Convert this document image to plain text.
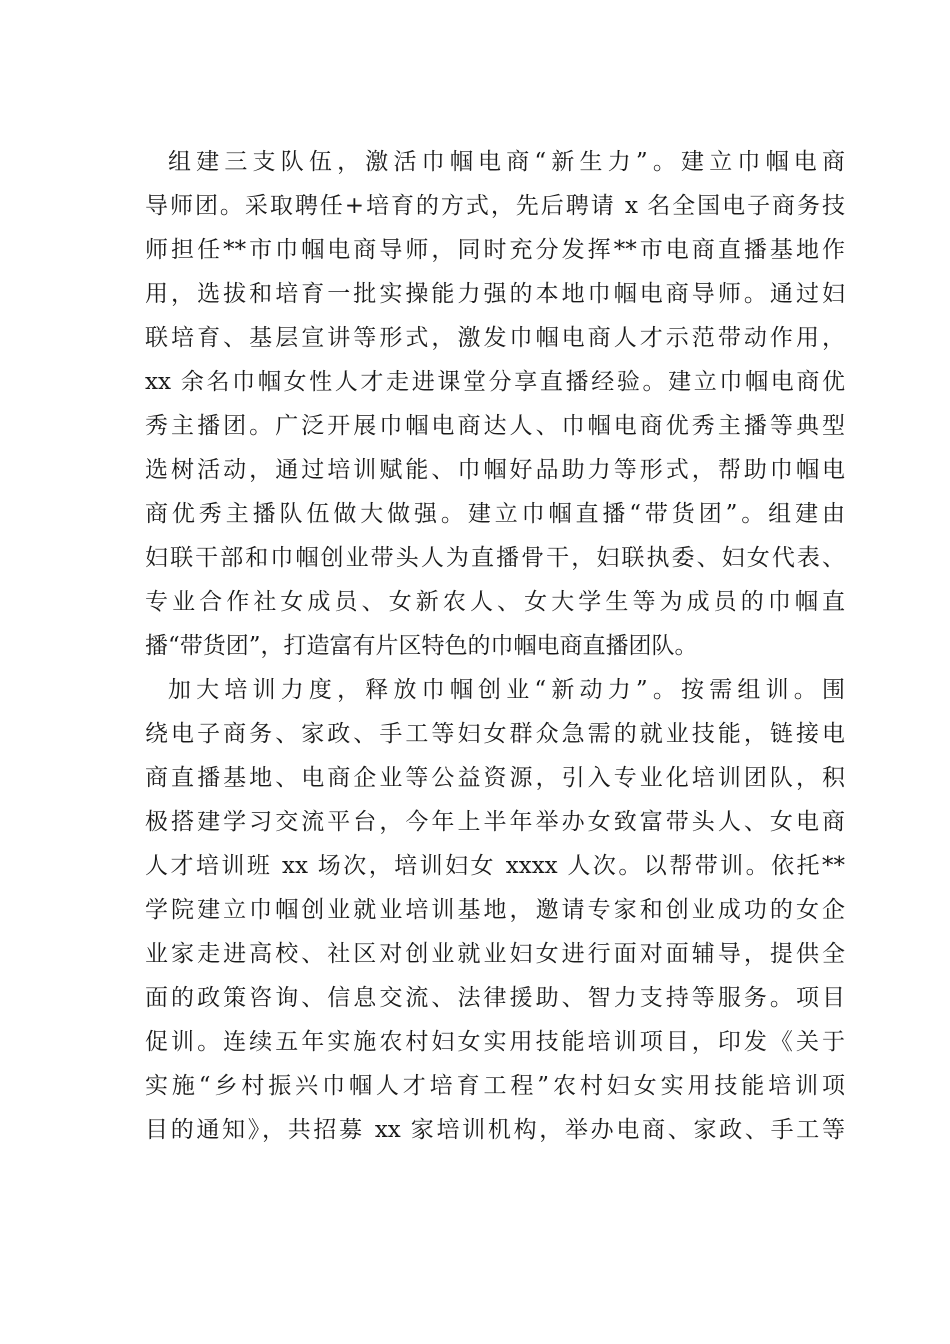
组建三支队伍，激活巾帼电商“新生力”。建立巾帼电商
导师团。采取聘任+培育的方式，先后聘请 x 名全国电子商务技
师担任**市巾帼电商导师，同时充分发挥**市电商直播基地作
用，选拔和培育一批实操能力强的本地巾帼电商导师。通过妇
联培育、基层宣讲等形式，激发巾帼电商人才示范带动作用，
xx 余名巾帼女性人才走进课堂分享直播经验。建立巾帼电商优
秀主播团。广泛开展巾帼电商达人、巾帼电商优秀主播等典型
选树活动，通过培训赋能、巾帼好品助力等形式，帮助巾帼电
商优秀主播队伍做大做强。建立巾帼直播“带货团”。组建由
妇联干部和巾帼创业带头人为直播骨干，妇联执委、妇女代表、
专业合作社女成员、女新农人、女大学生等为成员的巾帼直
播“带货团”，打造富有片区特色的巾帼电商直播团队。
加大培训力度，释放巾帼创业“新动力”。按需组训。围
绕电子商务、家政、手工等妇女群众急需的就业技能，链接电
商直播基地、电商企业等公益资源，引入专业化培训团队，积
极搭建学习交流平台，今年上半年举办女致富带头人、女电商
人才培训班 xx 场次，培训妇女 xxxx 人次。以帮带训。依托**
学院建立巾帼创业就业培训基地，邀请专家和创业成功的女企
业家走进高校、社区对创业就业妇女进行面对面辅导，提供全
面的政策咨询、信息交流、法律援助、智力支持等服务。项目
促训。连续五年实施农村妇女实用技能培训项目，印发《关于
实施“乡村振兴巾帼人才培育工程”农村妇女实用技能培训项
目的通知》，共招募 xx 家培训机构，举办电商、家政、手工等
